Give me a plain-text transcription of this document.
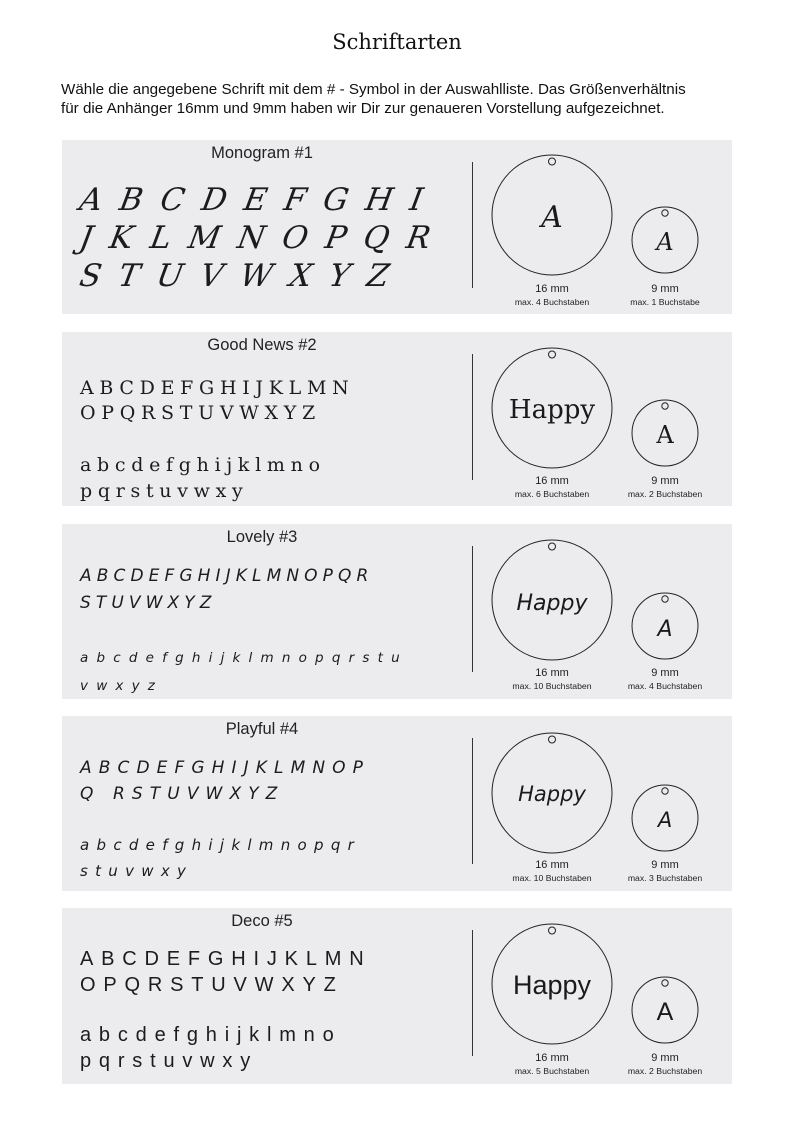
Schriftarten
Wähle die angegebene Schrift mit dem # - Symbol in der Auswahlliste. Das Größenverhältnis
für die Anhänger 16mm und 9mm haben wir Dir zur genaueren Vorstellung aufgezeichnet.
Monogram #1
ABCDEFGHI
JKLMNOPQR
STUVWXYZ
A
A
16 mm
max. 4 Buchstaben
9 mm
max. 1 Buchstabe
Good News #2
ABCDEFGHIJKLMN
OPQRSTUVWXYZ
abcdefghijklmno
pqrstuvwxy
Happy
A
16 mm
max. 6 Buchstaben
9 mm
max. 2 Buchstaben
Lovely #3
ABCDEFGHIJKLMNOPQR
STUVWXYZ
abcdefghijklmnopqrstu
vwxyz
Happy
A
16 mm
max. 10 Buchstaben
9 mm
max. 4 Buchstaben
Playful #4
ABCDEFGHIJKLMNOP
Q RSTUVWXYZ
abcdefghijklmnopqr
stuvwxy
Happy
A
16 mm
max. 10 Buchstaben
9 mm
max. 3 Buchstaben
Deco #5
ABCDEFGHIJKLMN
OPQRSTUVWXYZ
abcdefghijklmno
pqrstuvwxy
Happy
A
16 mm
max. 5 Buchstaben
9 mm
max. 2 Buchstaben
